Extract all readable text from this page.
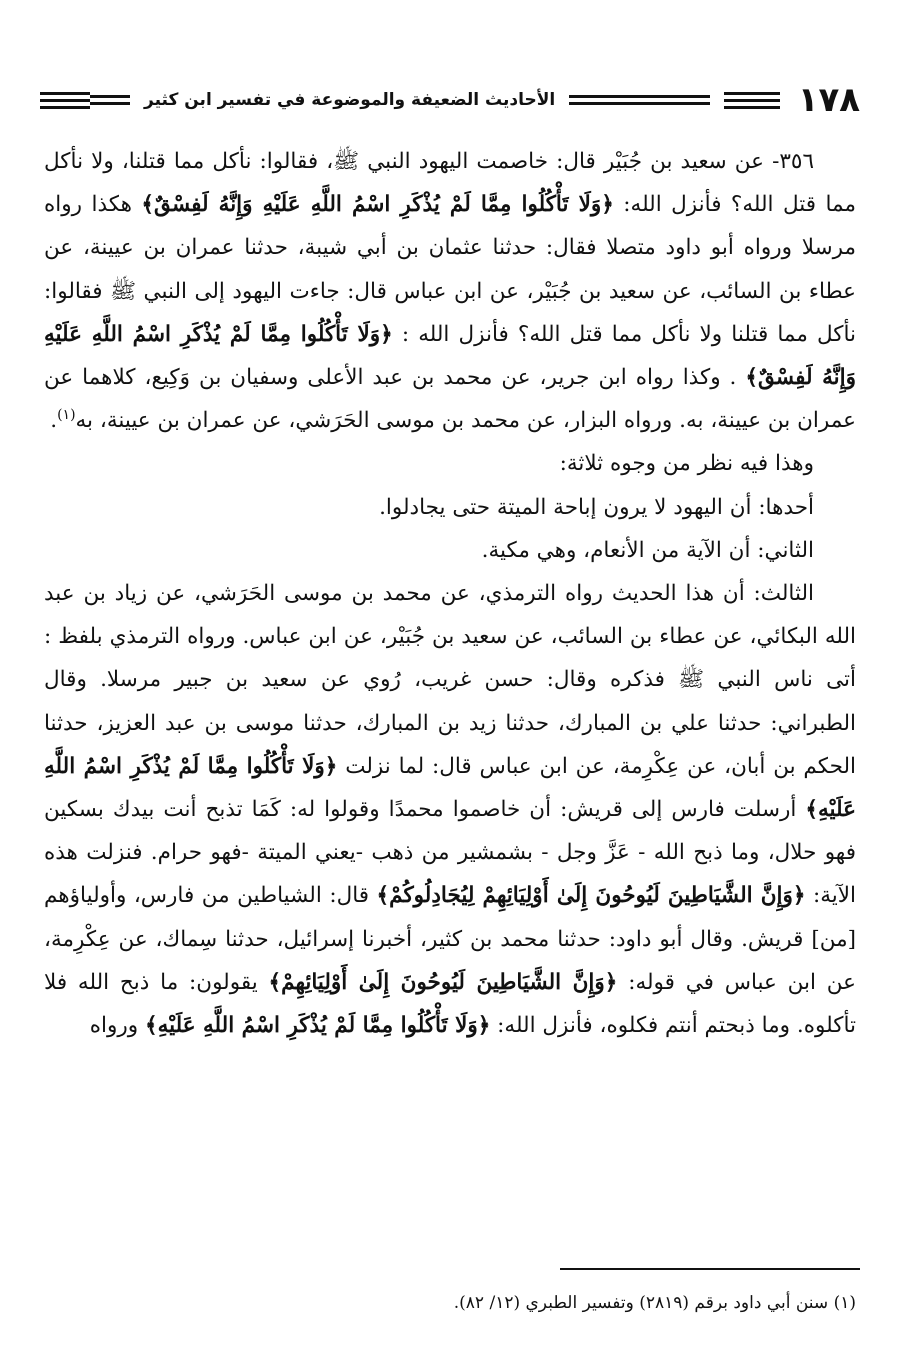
١٧٨
الأحاديث الضعيفة والموضوعة في تفسير ابن كثير

٣٥٦- عن سعيد بن جُبَيْر قال: خاصمت اليهود النبي ﷺ، فقالوا: نأكل مما قتلنا، ولا نأكل مما قتل الله؟ فأنزل الله: ﴿وَلَا تَأْكُلُوا مِمَّا لَمْ يُذْكَرِ اسْمُ اللَّهِ عَلَيْهِ وَإِنَّهُ لَفِسْقٌ﴾ هكذا رواه مرسلا ورواه أبو داود متصلا فقال: حدثنا عثمان بن أبي شيبة، حدثنا عمران بن عيينة، عن عطاء بن السائب، عن سعيد بن جُبَيْر، عن ابن عباس قال: جاءت اليهود إلى النبي ﷺ فقالوا: نأكل مما قتلنا ولا نأكل مما قتل الله؟ فأنزل الله : ﴿وَلَا تَأْكُلُوا مِمَّا لَمْ يُذْكَرِ اسْمُ اللَّهِ عَلَيْهِ وَإِنَّهُ لَفِسْقٌ﴾ . وكذا رواه ابن جرير، عن محمد بن عبد الأعلى وسفيان بن وَكِيع، كلاهما عن عمران بن عيينة، به. ورواه البزار، عن محمد بن موسى الحَرَشي، عن عمران بن عيينة، به$^{(١)}$.

وهذا فيه نظر من وجوه ثلاثة:

أحدها: أن اليهود لا يرون إباحة الميتة حتى يجادلوا.

الثاني: أن الآية من الأنعام، وهي مكية.

الثالث: أن هذا الحديث رواه الترمذي، عن محمد بن موسى الحَرَشي، عن زياد بن عبد الله البكائي، عن عطاء بن السائب، عن سعيد بن جُبَيْر، عن ابن عباس. ورواه الترمذي بلفظ : أتى ناس النبي ﷺ فذكره وقال: حسن غريب، رُوي عن سعيد بن جبير مرسلا. وقال الطبراني: حدثنا علي بن المبارك، حدثنا زيد بن المبارك، حدثنا موسى بن عبد العزيز، حدثنا الحكم بن أبان، عن عِكْرِمة، عن ابن عباس قال: لما نزلت ﴿وَلَا تَأْكُلُوا مِمَّا لَمْ يُذْكَرِ اسْمُ اللَّهِ عَلَيْهِ﴾ أرسلت فارس إلى قريش: أن خاصموا محمدًا وقولوا له: كَمَا تذبح أنت بيدك بسكين فهو حلال، وما ذبح الله - عَزَّ وجل - بشمشير من ذهب -يعني الميتة -فهو حرام. فنزلت هذه الآية: ﴿وَإِنَّ الشَّيَاطِينَ لَيُوحُونَ إِلَىٰ أَوْلِيَائِهِمْ لِيُجَادِلُوكُمْ﴾ قال: الشياطين من فارس، وأولياؤهم [من] قريش. وقال أبو داود: حدثنا محمد بن كثير، أخبرنا إسرائيل، حدثنا سِماك، عن عِكْرِمة، عن ابن عباس في قوله: ﴿وَإِنَّ الشَّيَاطِينَ لَيُوحُونَ إِلَىٰ أَوْلِيَائِهِمْ﴾ يقولون: ما ذبح الله فلا تأكلوه. وما ذبحتم أنتم فكلوه، فأنزل الله: ﴿وَلَا تَأْكُلُوا مِمَّا لَمْ يُذْكَرِ اسْمُ اللَّهِ عَلَيْهِ﴾ ورواه

(١) سنن أبي داود برقم (٢٨١٩) وتفسير الطبري (١٢/ ٨٢).
